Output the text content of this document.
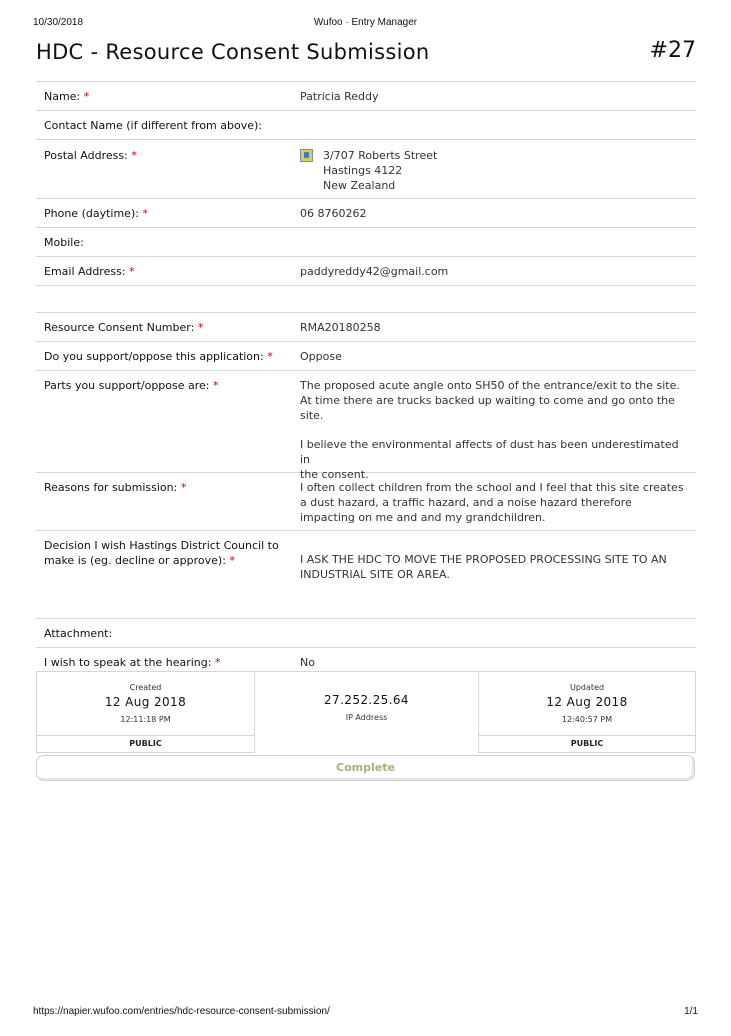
10/30/2018	Wufoo · Entry Manager
HDC - Resource Consent Submission	#27
Name: *	Patricia Reddy
Contact Name (if different from above):
Postal Address: *	3/707 Roberts Street
Hastings 4122
New Zealand
Phone (daytime): *	06 8760262
Mobile:
Email Address: *	paddyreddy42@gmail.com
Resource Consent Number: *	RMA20180258
Do you support/oppose this application: * Oppose
Parts you support/oppose are: *	The proposed acute angle onto SH50 of the entrance/exit to the site.
At time there are trucks backed up waiting to come and go onto the
site.
I believe the environmental affects of dust has been underestimated in
the consent.
Reasons for submission: *	I often collect children from the school and I feel that this site creates
a dust hazard, a traffic hazard, and a noise hazard therefore
impacting on me and and my grandchildren.
Decision I wish Hastings District Council to
make is (eg. decline or approve): *	I ASK THE HDC TO MOVE THE PROPOSED PROCESSING SITE TO AN
INDUSTRIAL SITE OR AREA.
Attachment:
I wish to speak at the hearing: *	No
Created
12 Aug 2018
12:11:18 PM
PUBLIC
27.252.25.64
IP Address
Updated
12 Aug 2018
12:40:57 PM
PUBLIC
Complete
https://napier.wufoo.com/entries/hdc-resource-consent-submission/	1/1
